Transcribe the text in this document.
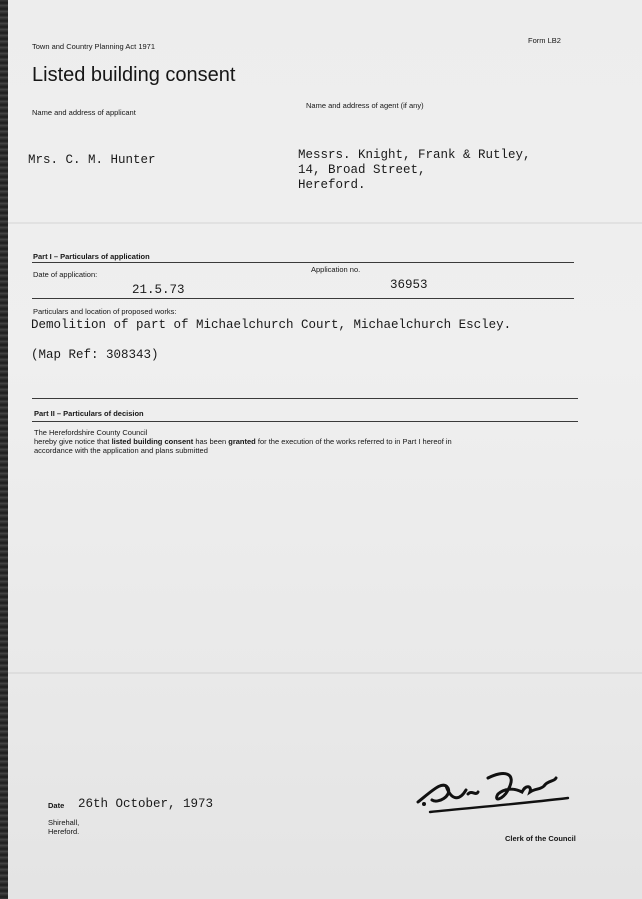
Town and Country Planning Act 1971
Form LB2
Listed building consent
Name and address of applicant
Name and address of agent (if any)
Mrs. C. M. Hunter	Messrs. Knight, Frank & Rutley,
14, Broad Street,
Hereford.
Part I – Particulars of application
Date of application:
Application no.
21.5.73	36953
Particulars and location of proposed works:
Demolition of part of Michaelchurch Court, Michaelchurch Escley.
(Map Ref: 308343)
Part II – Particulars of decision
The Herefordshire County Council
hereby give notice that listed building consent has been granted for the execution of the works referred to in Part I hereof in
accordance with the application and plans submitted
Date 26th October, 1973
Shirehall,
Hereford.
Clerk of the Council
